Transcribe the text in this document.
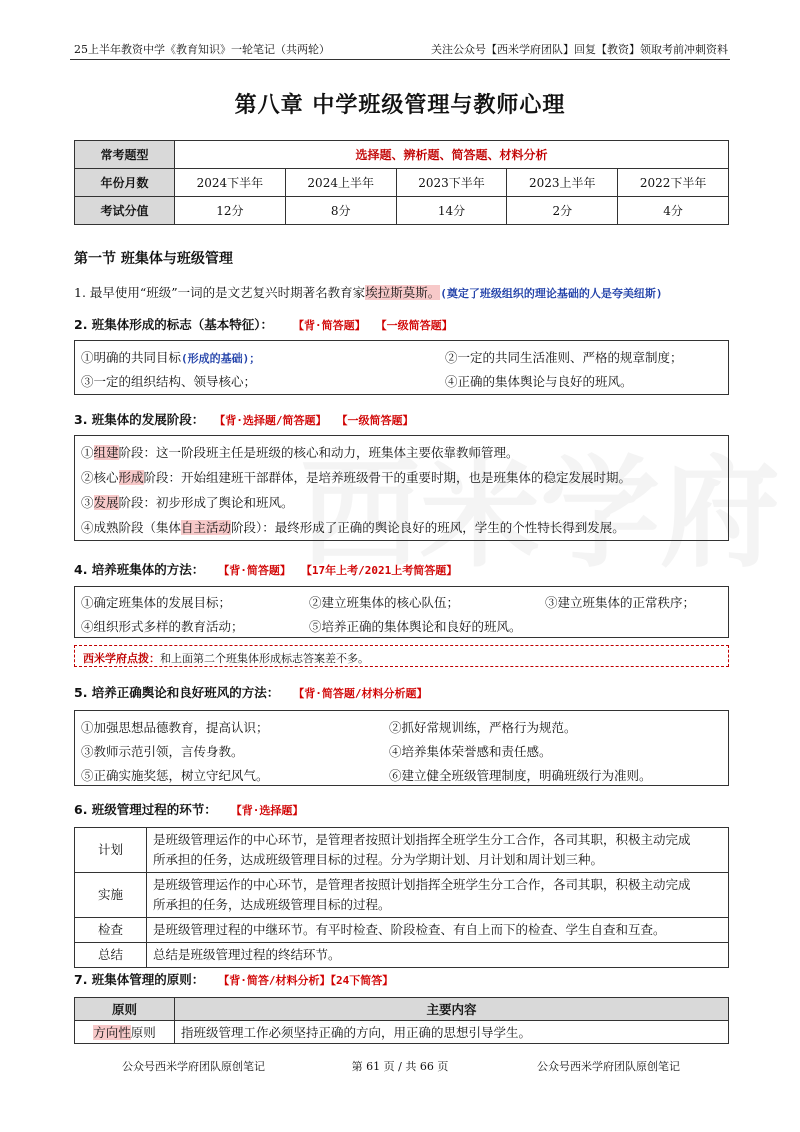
25上半年教资中学《教育知识》一轮笔记（共两轮）	关注公众号【西米学府团队】回复【教资】领取考前冲刺资料
第八章 中学班级管理与教师心理
常考题型	选择题、辨析题、简答题、材料分析				
年份月数	2024下半年	2024上半年	2023下半年	2023上半年	2022下半年
考试分值	12分	8分	14分	2分	4分
第一节 班集体与班级管理
1. 最早使用“班级”一词的是文艺复兴时期著名教育家埃拉斯莫斯。(奠定了班级组织的理论基础的人是夸美纽斯)
2. 班集体形成的标志（基本特征）： 【背·简答题】 【一级简答题】
①明确的共同目标(形成的基础)；	②一定的共同生活准则、严格的规章制度；
③一定的组织结构、领导核心；	④正确的集体舆论与良好的班风。
3. 班集体的发展阶段： 【背·选择题/简答题】 【一级简答题】
①组建阶段：这一阶段班主任是班级的核心和动力，班集体主要依靠教师管理。
②核心形成阶段：开始组建班干部群体，是培养班级骨干的重要时期，也是班集体的稳定发展时期。
③发展阶段：初步形成了舆论和班风。
④成熟阶段（集体自主活动阶段）：最终形成了正确的舆论良好的班风，学生的个性特长得到发展。
4. 培养班集体的方法： 【背·简答题】 【17年上考/2021上考简答题】
①确定班集体的发展目标；	②建立班集体的核心队伍；	③建立班集体的正常秩序；
④组织形式多样的教育活动；	⑤培养正确的集体舆论和良好的班风。
西米学府点拨：和上面第二个班集体形成标志答案差不多。
5. 培养正确舆论和良好班风的方法： 【背·简答题/材料分析题】
①加强思想品德教育，提高认识；	②抓好常规训练，严格行为规范。
③教师示范引领，言传身教。	④培养集体荣誉感和责任感。
⑤正确实施奖惩，树立守纪风气。	⑥建立健全班级管理制度，明确班级行为准则。
6. 班级管理过程的环节： 【背·选择题】
计划	是班级管理运作的中心环节，是管理者按照计划指挥全班学生分工合作，各司其职，积极主动完成
所承担的任务，达成班级管理目标的过程。分为学期计划、月计划和周计划三种。

实施	是班级管理运作的中心环节，是管理者按照计划指挥全班学生分工合作，各司其职，积极主动完成
所承担的任务，达成班级管理目标的过程。

检查	是班级管理过程的中继环节。有平时检查、阶段检查、有自上而下的检查、学生自查和互查。
总结	总结是班级管理过程的终结环节。
7. 班集体管理的原则： 【背·简答/材料分析】【24下简答】
原则	主要内容
方向性原则	指班级管理工作必须坚持正确的方向，用正确的思想引导学生。
公众号西米学府团队原创笔记	第 61 页 / 共 66 页	公众号西米学府团队原创笔记
